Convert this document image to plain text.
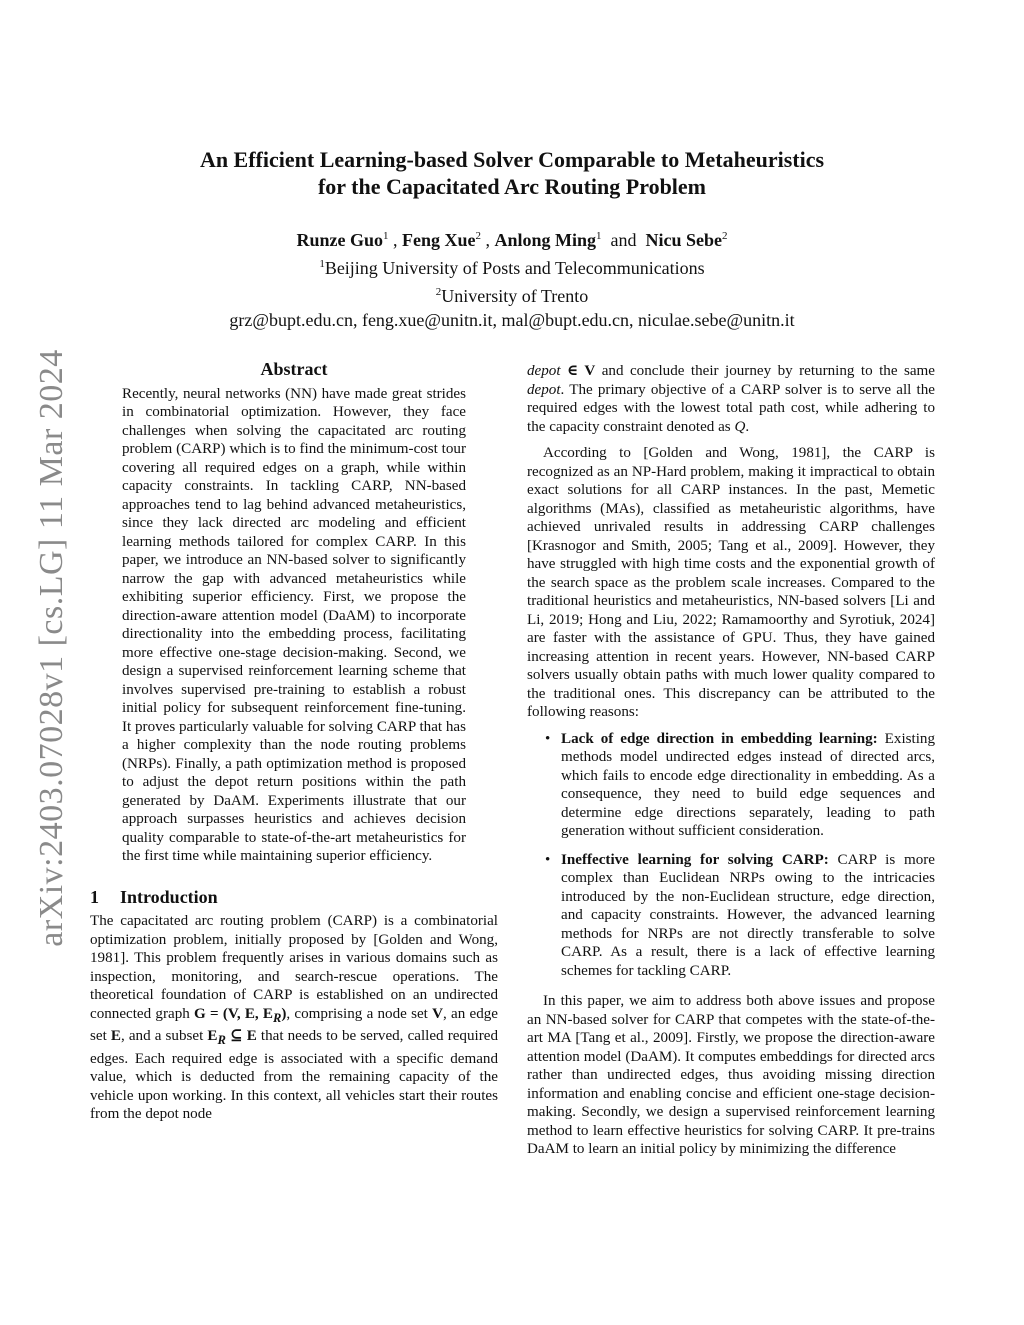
arXiv:2403.07028v1 [cs.LG] 11 Mar 2024
An Efficient Learning-based Solver Comparable to Metaheuristics
for the Capacitated Arc Routing Problem
Runze Guo$^1$ , Feng Xue$^2$ , Anlong Ming$^1$ and Nicu Sebe$^2$
$^1$Beijing University of Posts and Telecommunications
$^2$University of Trento
grz@bupt.edu.cn, feng.xue@unitn.it, mal@bupt.edu.cn, niculae.sebe@unitn.it
Abstract
Recently, neural networks (NN) have made great strides in combinatorial optimization. However, they face challenges when solving the capacitated arc routing problem (CARP) which is to find the minimum-cost tour covering all required edges on a graph, while within capacity constraints. In tackling CARP, NN-based approaches tend to lag behind advanced metaheuristics, since they lack directed arc modeling and efficient learning methods tailored for complex CARP. In this paper, we introduce an NN-based solver to significantly narrow the gap with advanced metaheuristics while exhibiting superior efficiency. First, we propose the direction-aware attention model (DaAM) to incorporate directionality into the embedding process, facilitating more effective one-stage decision-making. Second, we design a supervised reinforcement learning scheme that involves supervised pre-training to establish a robust initial policy for subsequent reinforcement fine-tuning. It proves particularly valuable for solving CARP that has a higher complexity than the node routing problems (NRPs). Finally, a path optimization method is proposed to adjust the depot return positions within the path generated by DaAM. Experiments illustrate that our approach surpasses heuristics and achieves decision quality comparable to state-of-the-art metaheuristics for the first time while maintaining superior efficiency.
1 Introduction

The capacitated arc routing problem (CARP) is a combinatorial optimization problem, initially proposed by [Golden and Wong, 1981]. This problem frequently arises in various domains such as inspection, monitoring, and search-rescue operations. The theoretical foundation of CARP is established on an undirected connected graph G = (V, E, $E_R$), comprising a node set V, an edge set E, and a subset $E_R$ ⊆ E that needs to be served, called required edges. Each required edge is associated with a specific demand value, which is deducted from the remaining capacity of the vehicle upon working. In this context, all vehicles start their routes from the depot node

depot ∈ V and conclude their journey by returning to the same depot. The primary objective of a CARP solver is to serve all the required edges with the lowest total path cost, while adhering to the capacity constraint denoted as Q.

According to [Golden and Wong, 1981], the CARP is recognized as an NP-Hard problem, making it impractical to obtain exact solutions for all CARP instances. In the past, Memetic algorithms (MAs), classified as metaheuristic algorithms, have achieved unrivaled results in addressing CARP challenges [Krasnogor and Smith, 2005; Tang et al., 2009]. However, they have struggled with high time costs and the exponential growth of the search space as the problem scale increases. Compared to the traditional heuristics and metaheuristics, NN-based solvers [Li and Li, 2019; Hong and Liu, 2022; Ramamoorthy and Syrotiuk, 2024] are faster with the assistance of GPU. Thus, they have gained increasing attention in recent years. However, NN-based CARP solvers usually obtain paths with much lower quality compared to the traditional ones. This discrepancy can be attributed to the following reasons:

• Lack of edge direction in embedding learning: Existing methods model undirected edges instead of directed arcs, which fails to encode edge directionality in embedding. As a consequence, they need to build edge sequences and determine edge directions separately, leading to path generation without sufficient consideration.
• Ineffective learning for solving CARP: CARP is more complex than Euclidean NRPs owing to the intricacies introduced by the non-Euclidean structure, edge direction, and capacity constraints. However, the advanced learning methods for NRPs are not directly transferable to solve CARP. As a result, there is a lack of effective learning schemes for tackling CARP.

In this paper, we aim to address both above issues and propose an NN-based solver for CARP that competes with the state-of-the-art MA [Tang et al., 2009]. Firstly, we propose the direction-aware attention model (DaAM). It computes embeddings for directed arcs rather than undirected edges, thus avoiding missing direction information and enabling concise and efficient one-stage decision-making. Secondly, we design a supervised reinforcement learning method to learn effective heuristics for solving CARP. It pre-trains DaAM to learn an initial policy by minimizing the difference
